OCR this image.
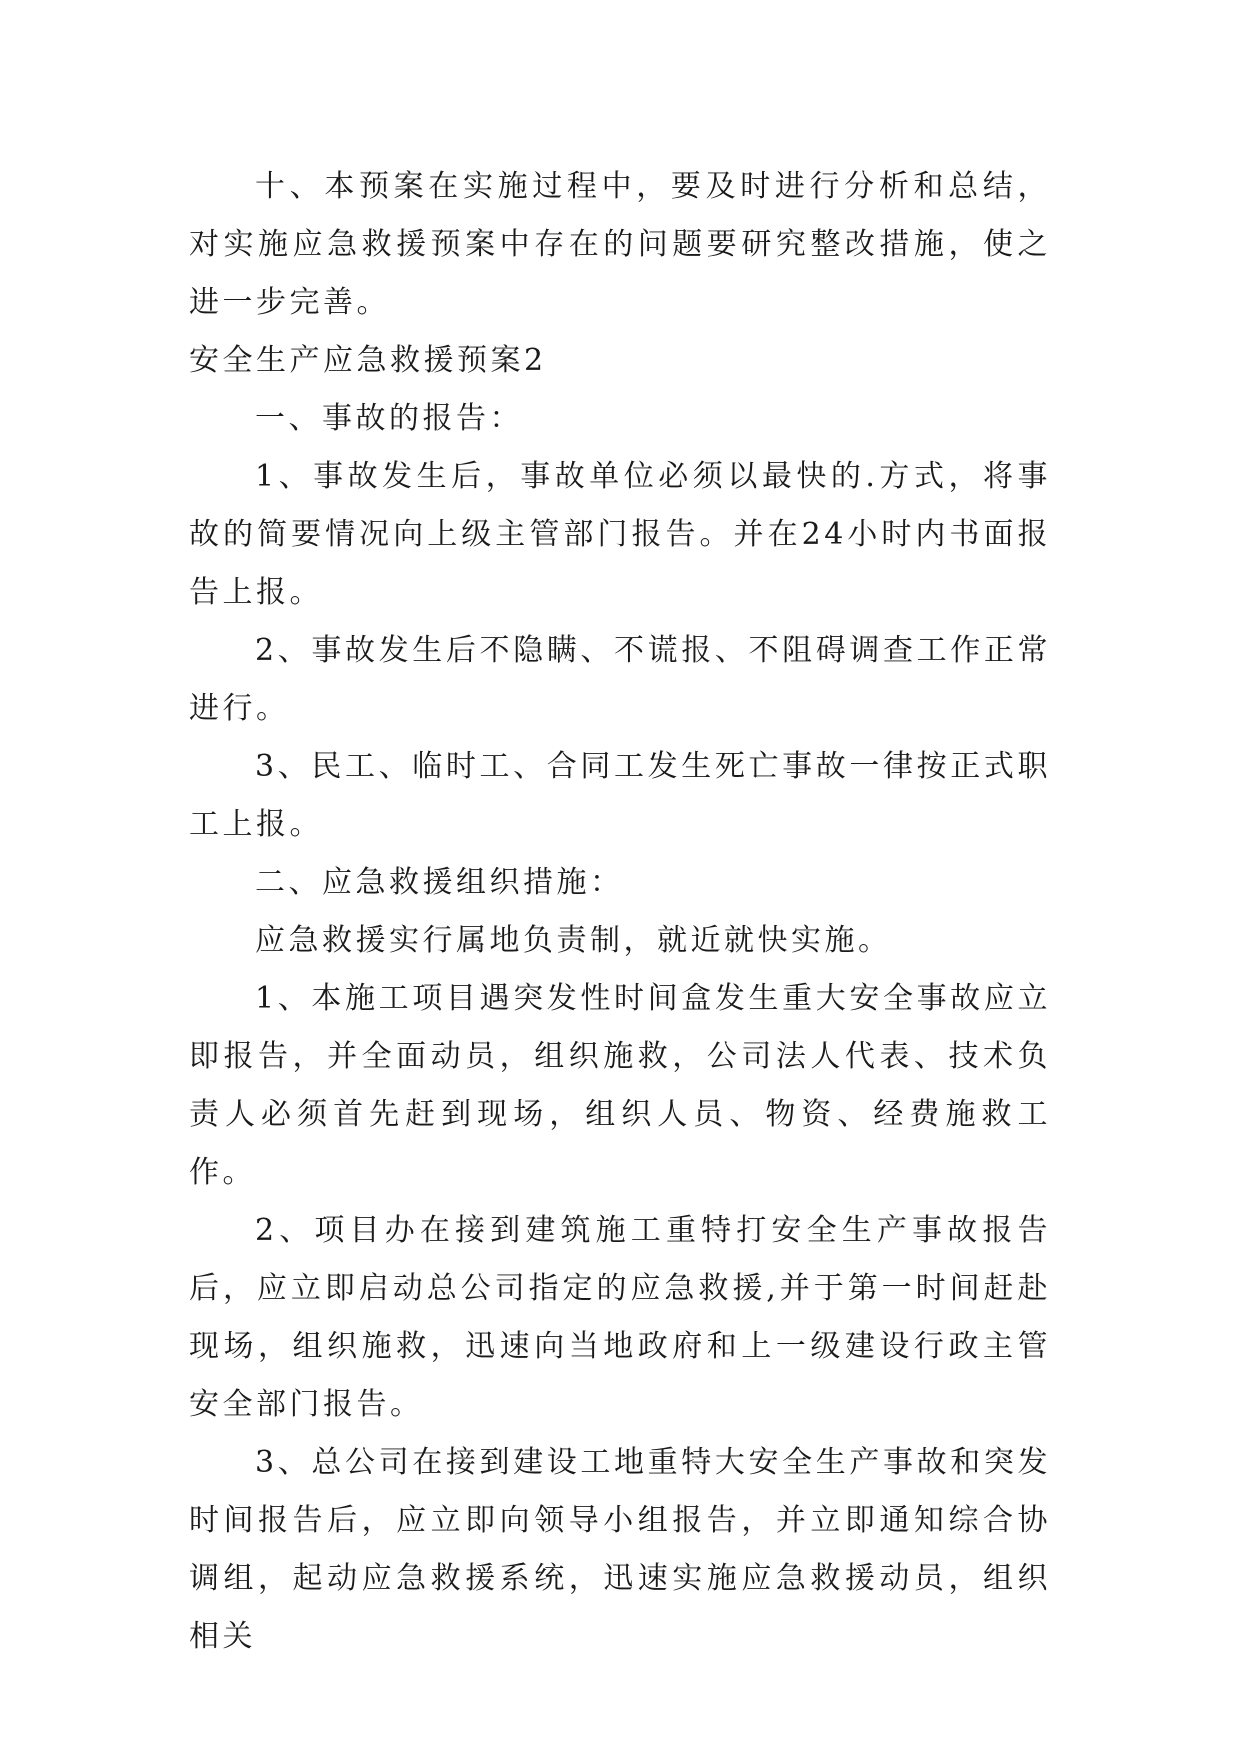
十、本预案在实施过程中，要及时进行分析和总结，对实施应急救援预案中存在的问题要研究整改措施，使之进一步完善。

安全生产应急救援预案2

一、事故的报告：

1、事故发生后，事故单位必须以最快的.方式，将事故的简要情况向上级主管部门报告。并在24小时内书面报告上报。

2、事故发生后不隐瞒、不谎报、不阻碍调查工作正常进行。

3、民工、临时工、合同工发生死亡事故一律按正式职工上报。

二、应急救援组织措施：

应急救援实行属地负责制，就近就快实施。

1、本施工项目遇突发性时间盒发生重大安全事故应立即报告，并全面动员，组织施救，公司法人代表、技术负责人必须首先赶到现场，组织人员、物资、经费施救工作。

2、项目办在接到建筑施工重特打安全生产事故报告后，应立即启动总公司指定的应急救援,并于第一时间赶赴现场，组织施救，迅速向当地政府和上一级建设行政主管安全部门报告。

3、总公司在接到建设工地重特大安全生产事故和突发时间报告后，应立即向领导小组报告，并立即通知综合协调组，起动应急救援系统，迅速实施应急救援动员，组织相关
